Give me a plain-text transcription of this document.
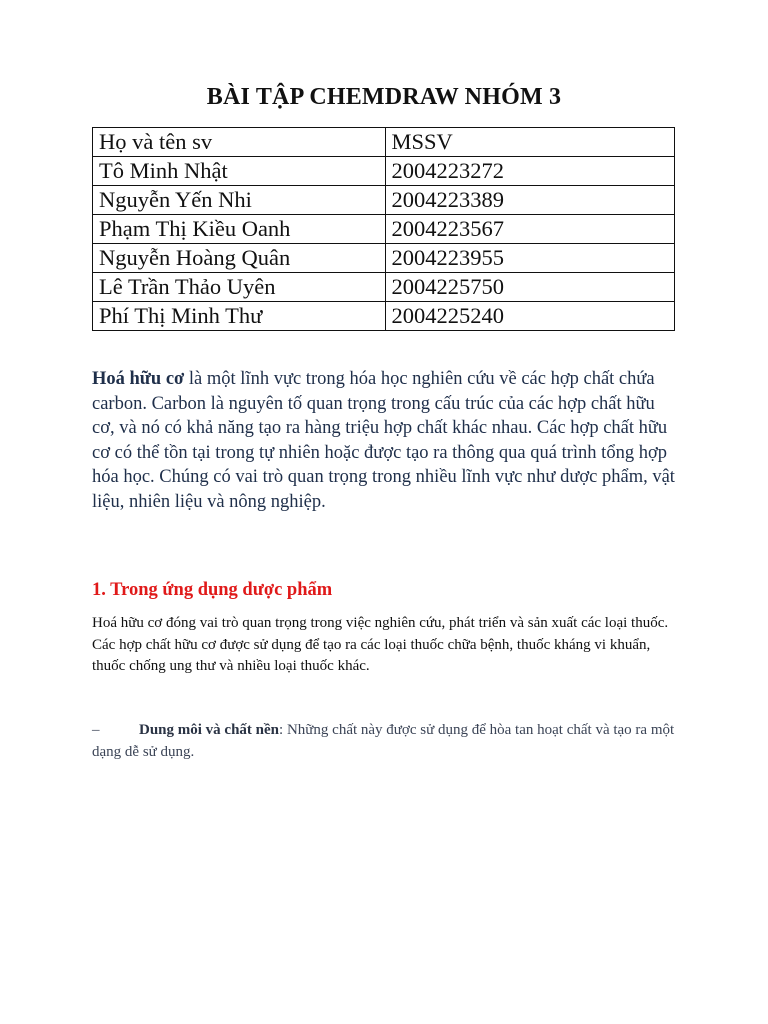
BÀI TẬP CHEMDRAW NHÓM 3
Họ và tên sv	MSSV
Tô Minh Nhật	2004223272
Nguyễn Yến Nhi	2004223389
Phạm Thị Kiều Oanh	2004223567
Nguyễn Hoàng Quân	2004223955
Lê Trần Thảo Uyên	2004225750
Phí Thị Minh Thư	2004225240

Hoá hữu cơ là một lĩnh vực trong hóa học nghiên cứu về các hợp chất chứa carbon. Carbon là nguyên tố quan trọng trong cấu trúc của các hợp chất hữu cơ, và nó có khả năng tạo ra hàng triệu hợp chất khác nhau. Các hợp chất hữu cơ có thể tồn tại trong tự nhiên hoặc được tạo ra thông qua quá trình tổng hợp hóa học. Chúng có vai trò quan trọng trong nhiều lĩnh vực như dược phẩm, vật liệu, nhiên liệu và nông nghiệp.

1. Trong ứng dụng dược phẩm

Hoá hữu cơ đóng vai trò quan trọng trong việc nghiên cứu, phát triển và sản xuất các loại thuốc. Các hợp chất hữu cơ được sử dụng để tạo ra các loại thuốc chữa bệnh, thuốc kháng vi khuẩn, thuốc chống ung thư và nhiều loại thuốc khác.

–	Dung môi và chất nền: Những chất này được sử dụng để hòa tan hoạt chất và tạo ra một dạng dễ sử dụng.
